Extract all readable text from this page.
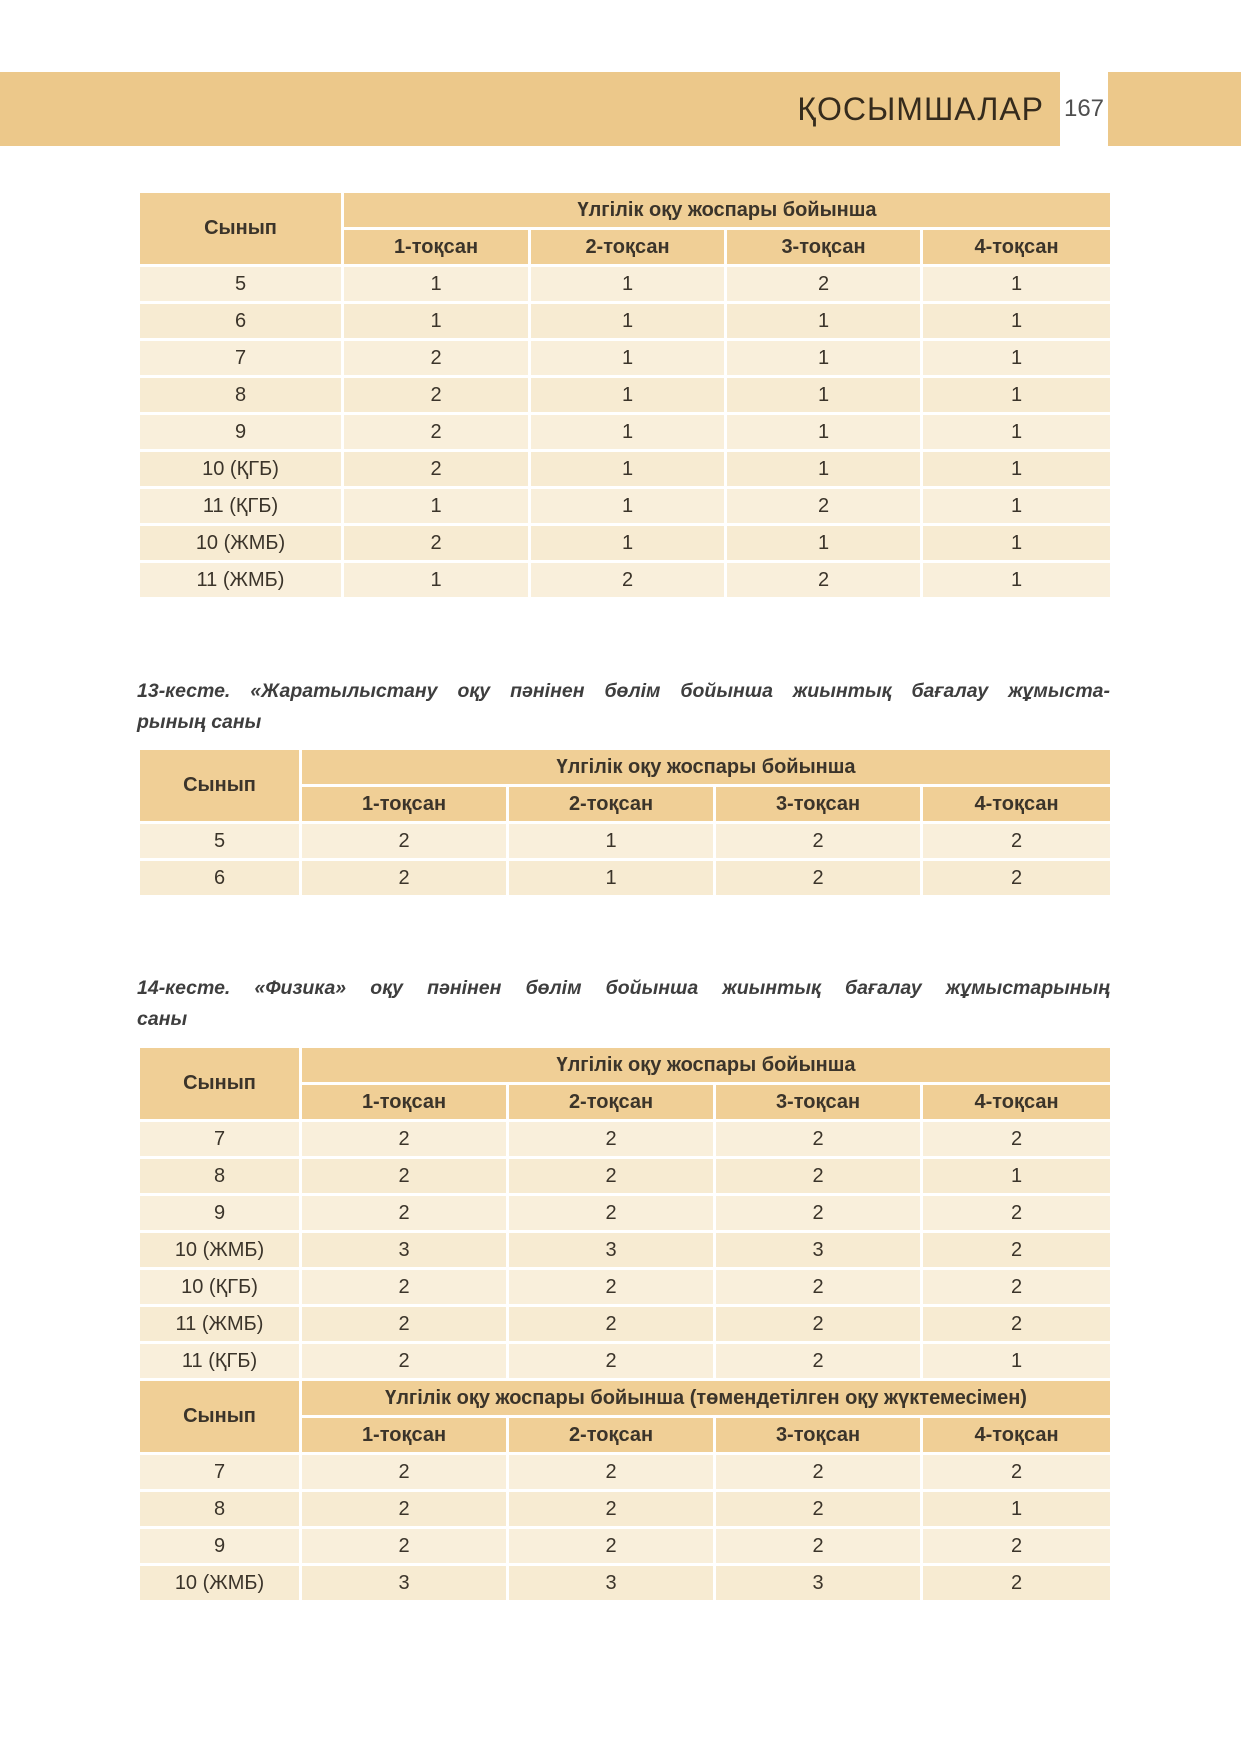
ҚОСЫМШАЛАР 167
Сынып	Үлгілік оқу жоспары бойынша			
	1-тоқсан	2-тоқсан	3-тоқсан	4-тоқсан
5	1	1	2	1
6	1	1	1	1
7	2	1	1	1
8	2	1	1	1
9	2	1	1	1
10 (ҚГБ)	2	1	1	1
11 (ҚГБ)	1	1	2	1
10 (ЖМБ)	2	1	1	1
11 (ЖМБ)	1	2	2	1
13-кесте. «Жаратылыстану оқу пәнінен бөлім бойынша жиынтық бағалау жұмыста-
рының саны
Сынып	Үлгілік оқу жоспары бойынша			
	1-тоқсан	2-тоқсан	3-тоқсан	4-тоқсан
5	2	1	2	2
6	2	1	2	2
14-кесте. «Физика» оқу пәнінен бөлім бойынша жиынтық бағалау жұмыстарының
саны
Сынып	Үлгілік оқу жоспары бойынша			
	1-тоқсан	2-тоқсан	3-тоқсан	4-тоқсан
7	2	2	2	2
8	2	2	2	1
9	2	2	2	2
10 (ЖМБ)	3	3	3	2
10 (ҚГБ)	2	2	2	2
11 (ЖМБ)	2	2	2	2
11 (ҚГБ)	2	2	2	1
Сынып	Үлгілік оқу жоспары бойынша (төмендетілген оқу жүктемесімен)			
	1-тоқсан	2-тоқсан	3-тоқсан	4-тоқсан
7	2	2	2	2
8	2	2	2	1
9	2	2	2	2
10 (ЖМБ)	3	3	3	2
